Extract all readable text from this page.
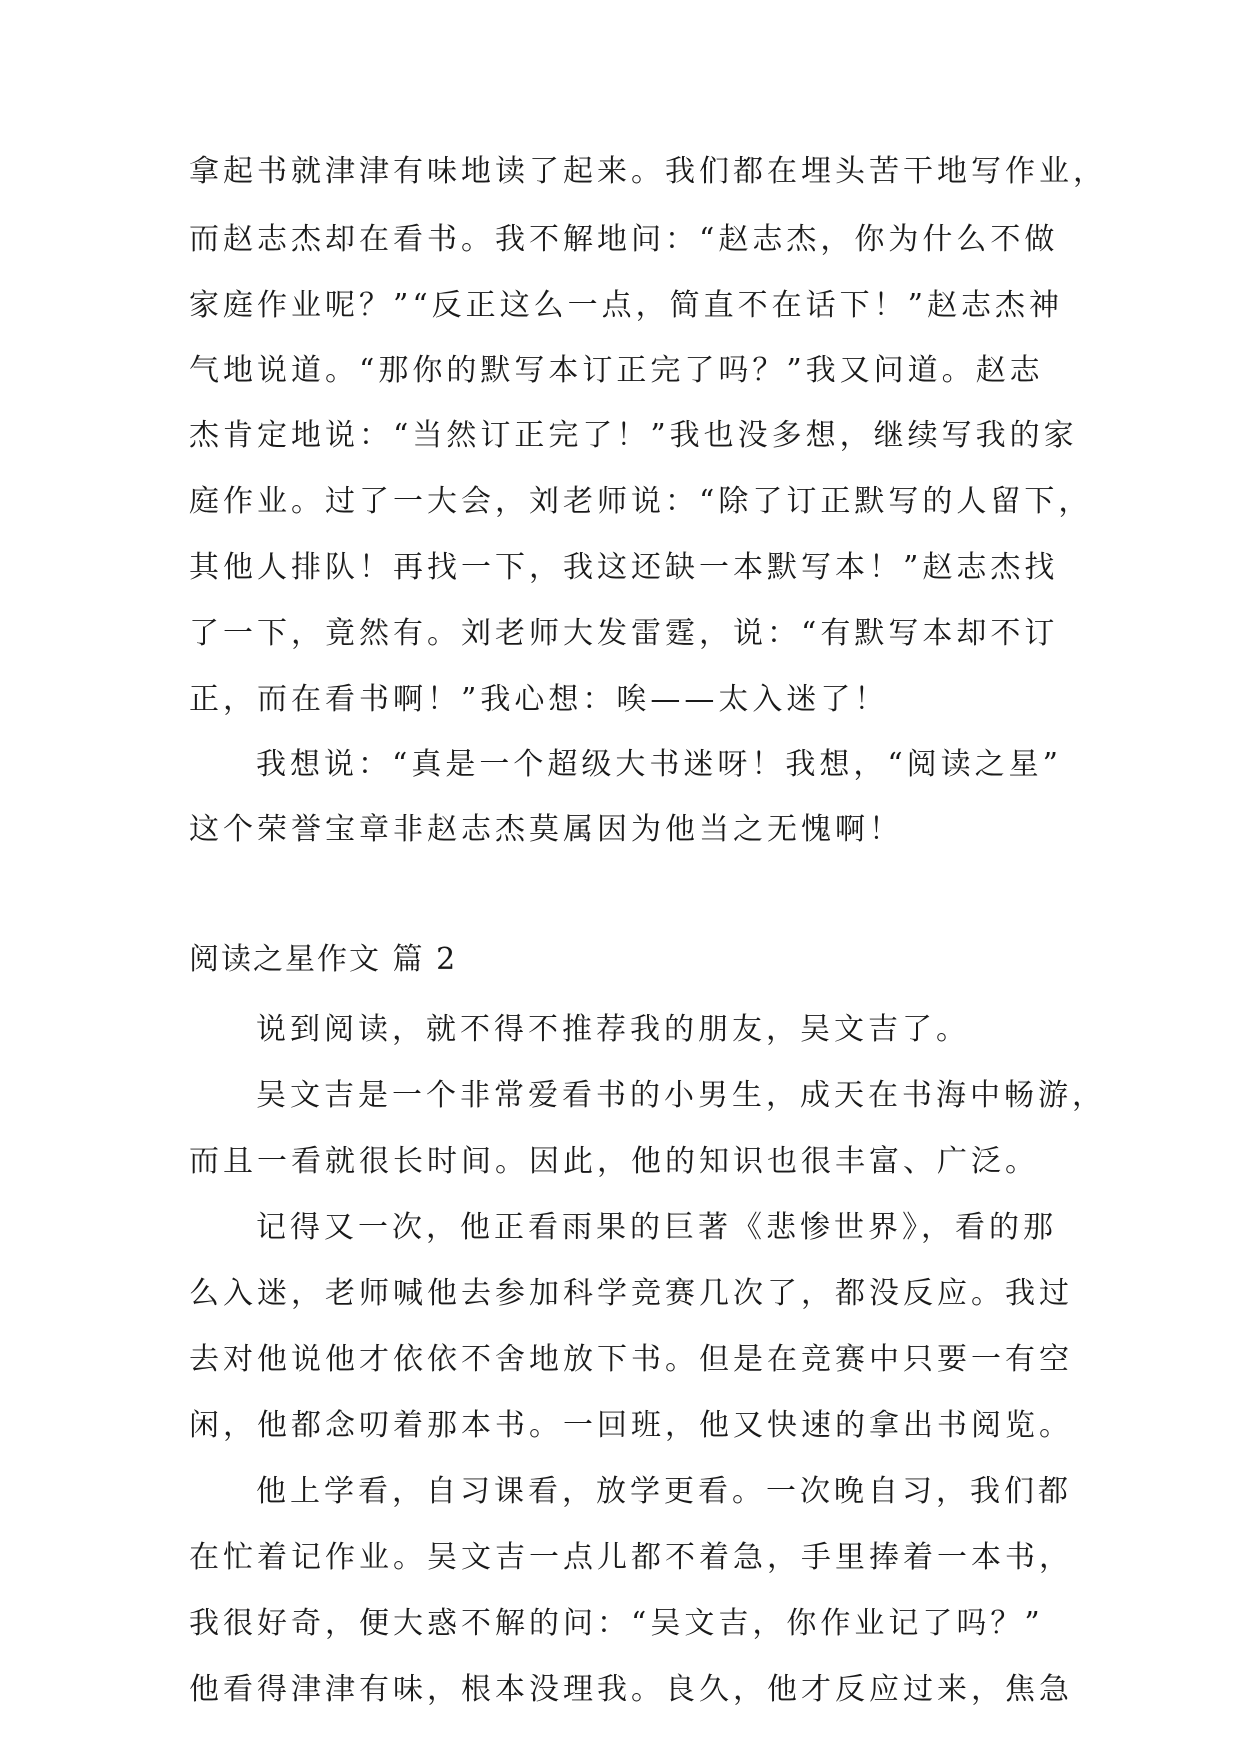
拿起书就津津有味地读了起来。我们都在埋头苦干地写作业，
而赵志杰却在看书。我不解地问：“赵志杰，你为什么不做
家庭作业呢？”“反正这么一点，简直不在话下！”赵志杰神
气地说道。“那你的默写本订正完了吗？”我又问道。赵志
杰肯定地说：“当然订正完了！”我也没多想，继续写我的家
庭作业。过了一大会，刘老师说：“除了订正默写的人留下，
其他人排队！再找一下，我这还缺一本默写本！”赵志杰找
了一下，竟然有。刘老师大发雷霆，说：“有默写本却不订
正，而在看书啊！”我心想：唉——太入迷了！
我想说：“真是一个超级大书迷呀！我想，“阅读之星”
这个荣誉宝章非赵志杰莫属因为他当之无愧啊！
阅读之星作文 篇 2
说到阅读，就不得不推荐我的朋友，吴文吉了。
吴文吉是一个非常爱看书的小男生，成天在书海中畅游，
而且一看就很长时间。因此，他的知识也很丰富、广泛。
记得又一次，他正看雨果的巨著《悲惨世界》，看的那
么入迷，老师喊他去参加科学竞赛几次了，都没反应。我过
去对他说他才依依不舍地放下书。但是在竞赛中只要一有空
闲，他都念叨着那本书。一回班，他又快速的拿出书阅览。
他上学看，自习课看，放学更看。一次晚自习，我们都
在忙着记作业。吴文吉一点儿都不着急，手里捧着一本书，
我很好奇，便大惑不解的问：“吴文吉，你作业记了吗？”
他看得津津有味，根本没理我。良久，他才反应过来，焦急
